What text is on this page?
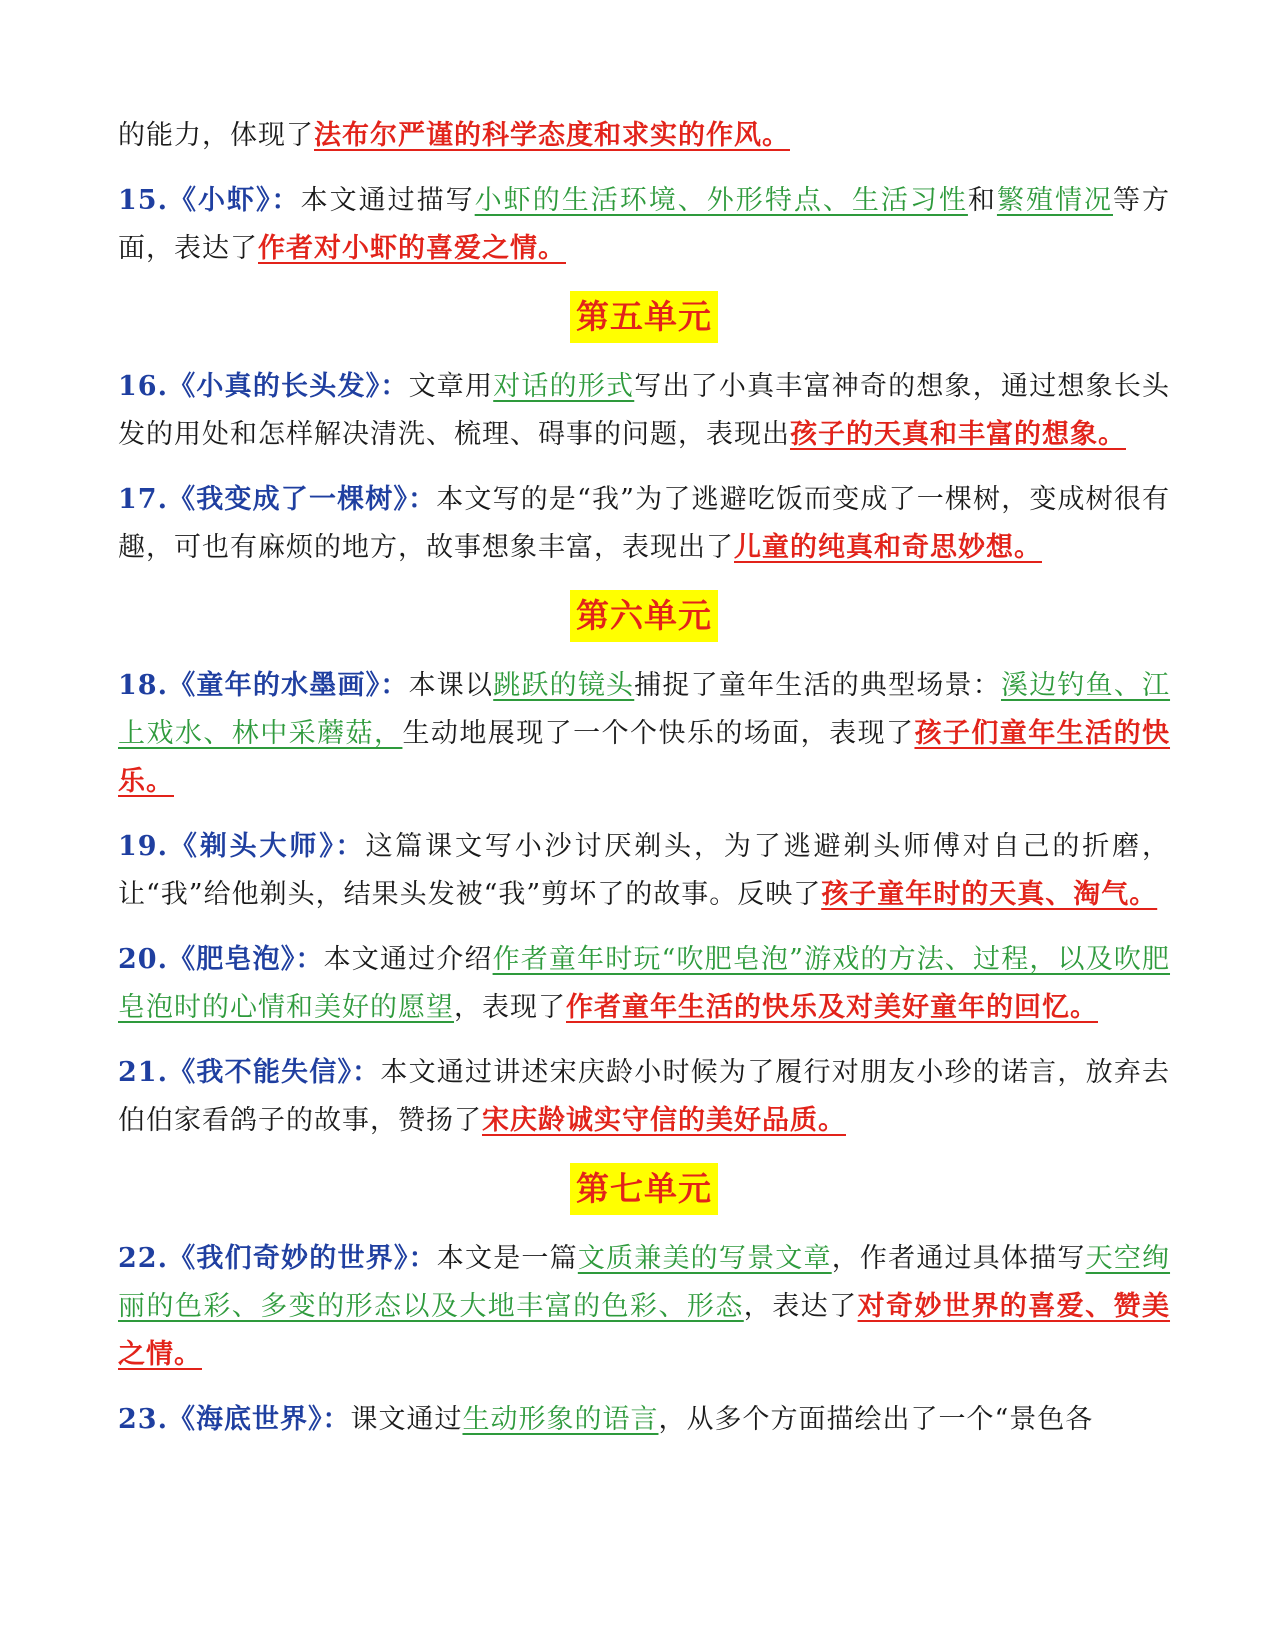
的能力，体现了法布尔严谨的科学态度和求实的作风。

15.《小虾》：本文通过描写小虾的生活环境、外形特点、生活习性和繁殖情况等方面，表达了作者对小虾的喜爱之情。

第五单元

16.《小真的长头发》：文章用对话的形式写出了小真丰富神奇的想象，通过想象长头发的用处和怎样解决清洗、梳理、碍事的问题，表现出孩子的天真和丰富的想象。

17.《我变成了一棵树》：本文写的是“我”为了逃避吃饭而变成了一棵树，变成树很有趣，可也有麻烦的地方，故事想象丰富，表现出了儿童的纯真和奇思妙想。

第六单元

18.《童年的水墨画》：本课以跳跃的镜头捕捉了童年生活的典型场景：溪边钓鱼、江上戏水、林中采蘑菇，生动地展现了一个个快乐的场面，表现了孩子们童年生活的快乐。

19.《剃头大师》：这篇课文写小沙讨厌剃头，为了逃避剃头师傅对自己的折磨，让“我”给他剃头，结果头发被“我”剪坏了的故事。反映了孩子童年时的天真、淘气。

20.《肥皂泡》：本文通过介绍作者童年时玩“吹肥皂泡”游戏的方法、过程，以及吹肥皂泡时的心情和美好的愿望，表现了作者童年生活的快乐及对美好童年的回忆。

21.《我不能失信》：本文通过讲述宋庆龄小时候为了履行对朋友小珍的诺言，放弃去伯伯家看鸽子的故事，赞扬了宋庆龄诚实守信的美好品质。

第七单元

22.《我们奇妙的世界》：本文是一篇文质兼美的写景文章，作者通过具体描写天空绚丽的色彩、多变的形态以及大地丰富的色彩、形态，表达了对奇妙世界的喜爱、赞美之情。

23.《海底世界》：课文通过生动形象的语言，从多个方面描绘出了一个“景色各
